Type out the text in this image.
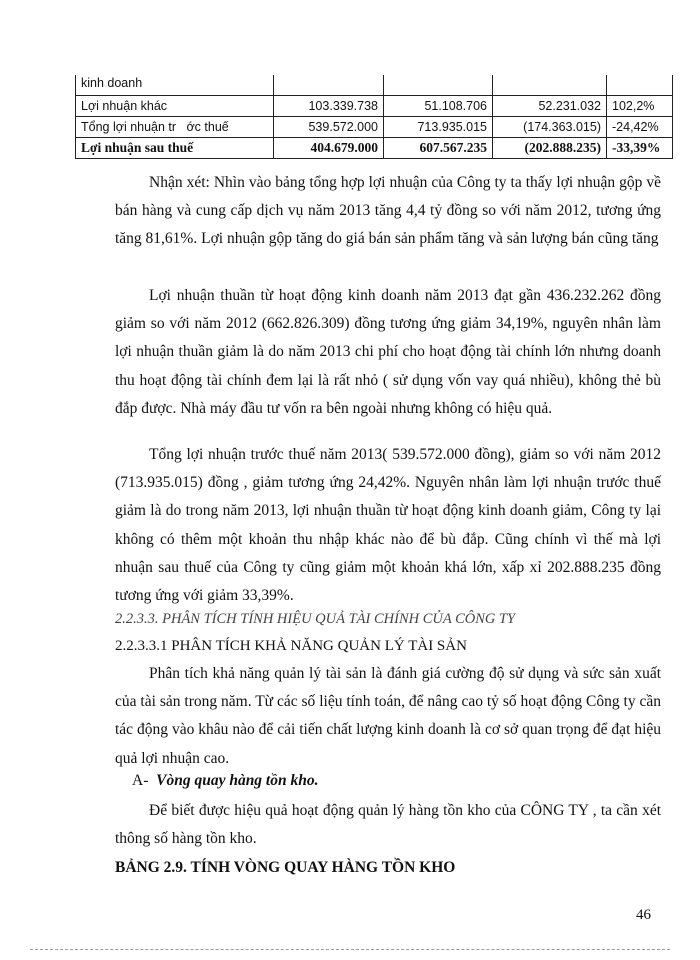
kinh doanh				
Lợi nhuận khác	103.339.738	51.108.706	52.231.032	102,2%
Tổng lợi nhuận tr   ớc thuế	539.572.000	713.935.015	(174.363.015)	-24,42%
Lợi nhuận sau thuế	404.679.000	607.567.235	(202.888.235)	-33,39%

Nhận xét: Nhìn vào bảng tổng hợp lợi nhuận của Công ty ta thấy lợi nhuận gộp về bán hàng và cung cấp dịch vụ năm 2013 tăng 4,4 tỷ đồng so với năm 2012, tương ứng tăng 81,61%. Lợi nhuận gộp tăng do giá bán sản phẩm tăng và sản lượng bán cũng tăng

Lợi nhuận thuần từ hoạt động kinh doanh năm 2013 đạt gần 436.232.262 đồng giảm so với năm 2012 (662.826.309) đồng tương ứng giảm 34,19%, nguyên nhân làm lợi nhuận thuần giảm là do năm 2013 chi phí cho hoạt động tài chính lớn nhưng doanh thu hoạt động tài chính đem lại là rất nhỏ ( sử dụng vốn vay quá nhiều), không thẻ bù đắp được. Nhà máy đầu tư vốn ra bên ngoài nhưng không có hiệu quả.

Tổng lợi nhuận trước thuế năm 2013( 539.572.000 đồng), giảm so với năm 2012 (713.935.015) đồng , giảm tương ứng 24,42%. Nguyên nhân làm lợi nhuận trước thuế giảm là do trong năm 2013, lợi nhuận thuần từ hoạt động kinh doanh giảm, Công ty lại không có thêm một khoản thu nhập khác nào để bù đắp. Cũng chính vì thế mà lợi nhuận sau thuế của Công ty cũng giảm một khoản khá lớn, xấp xỉ 202.888.235 đồng tương ứng với giảm 33,39%.

2.2.3.3. PHÂN TÍCH TÍNH HIỆU QUẢ TÀI CHÍNH CỦA CÔNG TY

2.2.3.3.1 PHÂN TÍCH KHẢ NĂNG QUẢN LÝ TÀI SẢN

Phân tích khả năng quản lý tài sản là đánh giá cường độ sử dụng và sức sản xuất của tài sản trong năm. Từ các số liệu tính toán, để nâng cao tỷ số hoạt động Công ty cần tác động vào khâu nào để cải tiến chất lượng kinh doanh là cơ sở quan trọng để đạt hiệu quả lợi nhuận cao.

A- Vòng quay hàng tồn kho.

Để biết được hiệu quả hoạt động quản lý hàng tồn kho của CÔNG TY , ta cần xét thông số hàng tồn kho.

BẢNG 2.9. TÍNH VÒNG QUAY HÀNG TỒN KHO

46
